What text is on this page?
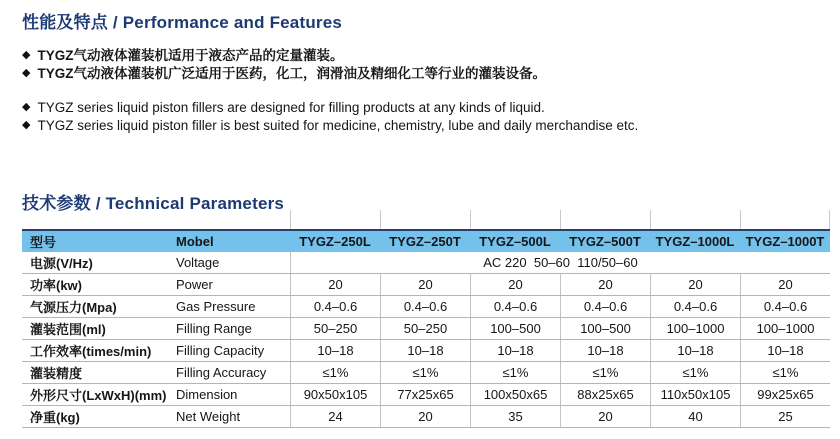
性能及特点 / Performance and Features
◆ TYGZ气动液体灌装机适用于液态产品的定量灌装。
◆ TYGZ气动液体灌装机广泛适用于医药，化工，润滑油及精细化工等行业的灌装设备。
◆ TYGZ series liquid piston fillers are designed for filling products at any kinds of liquid.
◆ TYGZ series liquid piston filler is best suited for medicine, chemistry, lube and daily merchandise etc.
技术参数 / Technical Parameters
型号	Mobel	TYGZ–250L	TYGZ–250T	TYGZ–500L	TYGZ–500T	TYGZ–1000L TYGZ–1000T
电源(V/Hz)	Voltage	AC 220  50–60  110/50–60
功率(kw)	Power	20	20	20	20	20	20
气源压力(Mpa)	Gas Pressure	0.4–0.6	0.4–0.6	0.4–0.6	0.4–0.6	0.4–0.6	0.4–0.6
灌装范围(ml)	Filling Range	50–250	50–250	100–500	100–500	100–1000	100–1000
工作效率(times/min)	Filling Capacity	10–18	10–18	10–18	10–18	10–18	10–18
灌装精度	Filling Accuracy	≤1%	≤1%	≤1%	≤1%	≤1%	≤1%
外形尺寸(LxWxH)(mm) Dimension	90x50x105	77x25x65	100x50x65	88x25x65	110x50x105	99x25x65
净重(kg)	Net Weight	24	20	35	20	40	25
